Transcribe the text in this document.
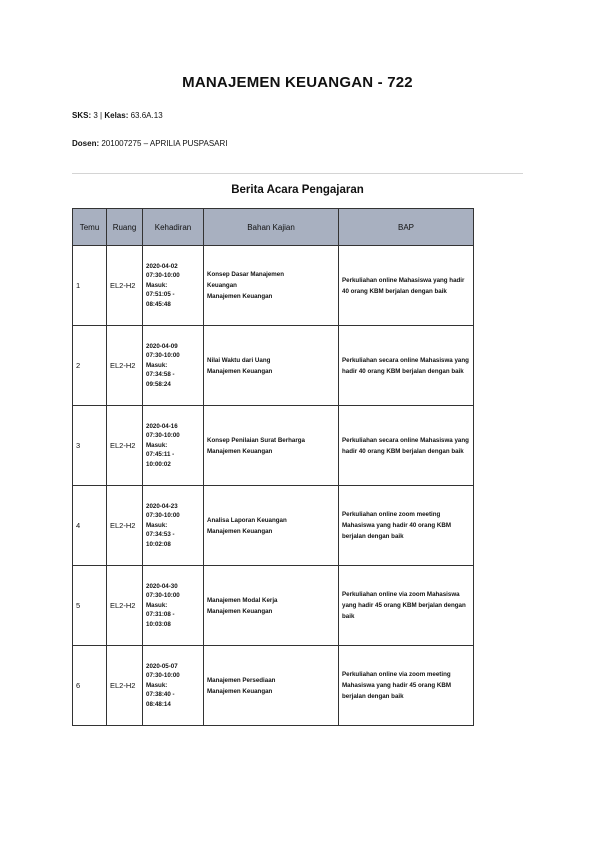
MANAJEMEN KEUANGAN - 722
SKS: 3 | Kelas: 63.6A.13
Dosen: 201007275 – APRILIA PUSPASARI
Berita Acara Pengajaran
Temu	Ruang	Kehadiran	Bahan Kajian	BAP
1	EL2-H2	2020-04-02
07:30-10:00
Masuk:
07:51:05 -
08:45:48	Konsep Dasar Manajemen
Keuangan
Manajemen Keuangan	Perkuliahan online Mahasiswa yang hadir 40 orang KBM berjalan dengan baik
2	EL2-H2	2020-04-09
07:30-10:00
Masuk:
07:34:58 -
09:58:24	Nilai Waktu dari Uang
Manajemen Keuangan	Perkuliahan secara online Mahasiswa yang hadir 40 orang KBM berjalan dengan baik
3	EL2-H2	2020-04-16
07:30-10:00
Masuk:
07:45:11 -
10:00:02	Konsep Penilaian Surat Berharga
Manajemen Keuangan	Perkuliahan secara online Mahasiswa yang hadir 40 orang KBM berjalan dengan baik
4	EL2-H2	2020-04-23
07:30-10:00
Masuk:
07:34:53 -
10:02:08	Analisa Laporan Keuangan
Manajemen Keuangan	Perkuliahan online zoom meeting Mahasiswa yang hadir 40 orang KBM berjalan dengan baik
5	EL2-H2	2020-04-30
07:30-10:00
Masuk:
07:31:08 -
10:03:08	Manajemen Modal Kerja
Manajemen Keuangan	Perkuliahan online via zoom Mahasiswa yang hadir 45 orang KBM berjalan dengan baik
6	EL2-H2	2020-05-07
07:30-10:00
Masuk:
07:38:40 -
08:48:14	Manajemen Persediaan
Manajemen Keuangan	Perkuliahan online via zoom meeting Mahasiswa yang hadir 45 orang KBM berjalan dengan baik
